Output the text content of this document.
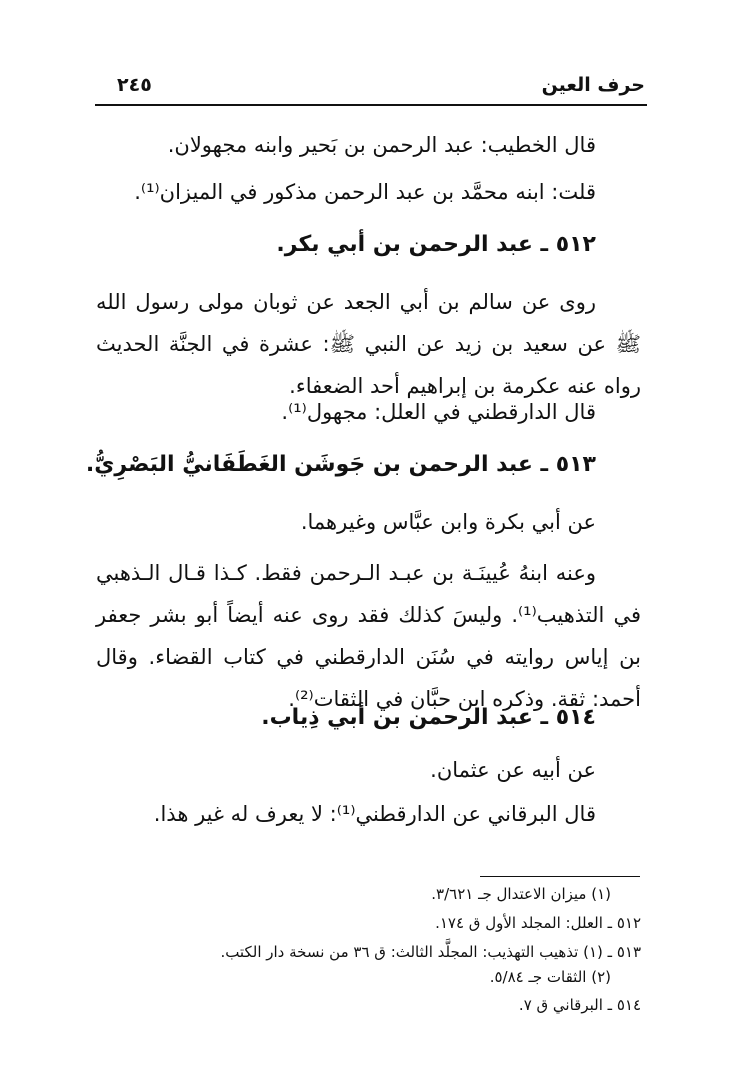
٢٤٥	حرف العين
قال الخطيب: عبد الرحمن بن بَحير وابنه مجهولان.
قلت: ابنه محمَّد بن عبد الرحمن مذكور في الميزان⁽¹⁾.
٥١٢ ـ عبد الرحمن بن أبي بكر.
روى عن سالم بن أبي الجعد عن ثوبان مولى رسول الله ﷺ عن سعيد بن زيد عن النبي ﷺ: عشرة في الجنَّة الحديث رواه عنه عكرمة بن إبراهيم أحد الضعفاء.
قال الدارقطني في العلل: مجهول⁽¹⁾.
٥١٣ ـ عبد الرحمن بن جَوشَن الغَطَفَانيُّ البَصْرِيُّ.
عن أبي بكرة وابن عبَّاس وغيرهما.
وعنه ابنهُ عُيينَـة بن عبـد الـرحمن فقط. كـذا قـال الـذهبي في التذهيب⁽¹⁾. وليسَ كذلك فقد روى عنه أيضاً أبو بشر جعفر بن إياس روايته في سُنَن الدارقطني في كتاب القضاء. وقال أحمد: ثقة. وذكره ابن حبَّان في الثقات⁽²⁾.
٥١٤ ـ عبد الرحمن بن أبي ذِياب.
عن أبيه عن عثمان.
قال البرقاني عن الدارقطني⁽¹⁾: لا يعرف له غير هذا.
(١) ميزان الاعتدال جـ ٣/٦٢١.
٥١٢ ـ العلل: المجلد الأول ق ١٧٤.
٥١٣ ـ (١) تذهيب التهذيب: المجلَّد الثالث: ق ٣٦ من نسخة دار الكتب.
(٢) الثقات جـ ٥/٨٤.
٥١٤ ـ البرقاني ق ٧.
